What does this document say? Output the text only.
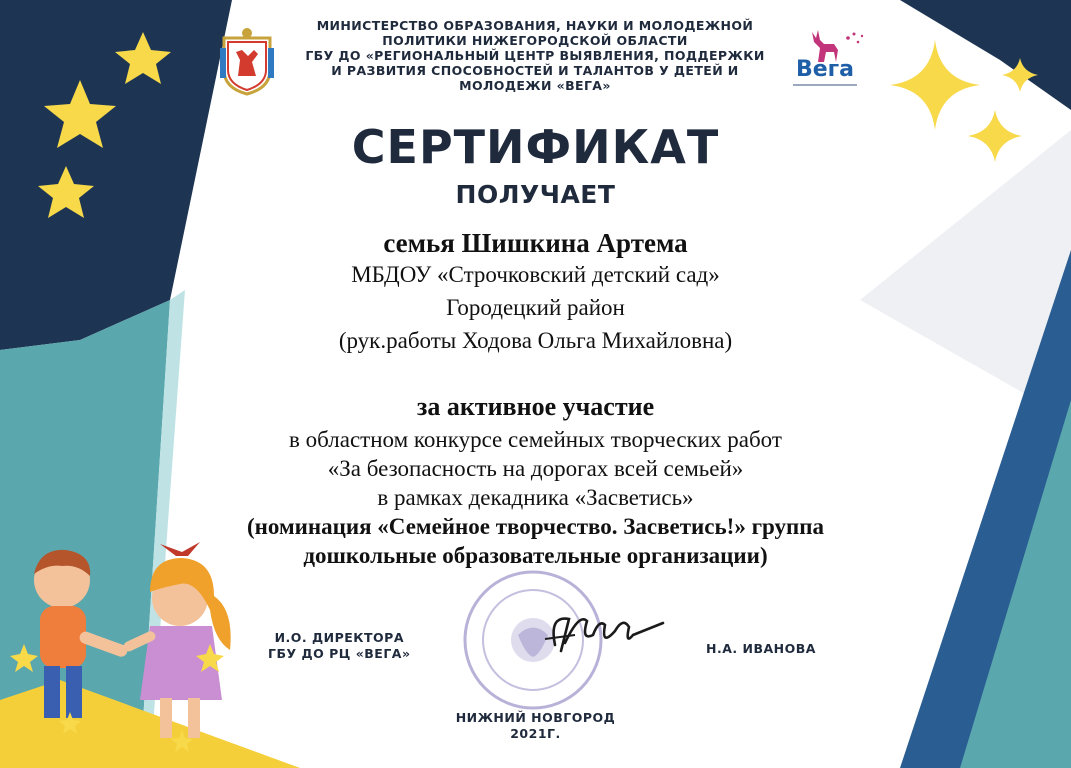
МИНИСТЕРСТВО ОБРАЗОВАНИЯ, НАУКИ И МОЛОДЕЖНОЙ
ПОЛИТИКИ НИЖЕГОРОДСКОЙ ОБЛАСТИ
ГБУ ДО «РЕГИОНАЛЬНЫЙ ЦЕНТР ВЫЯВЛЕНИЯ, ПОДДЕРЖКИ
И РАЗВИТИЯ СПОСОБНОСТЕЙ И ТАЛАНТОВ У ДЕТЕЙ И
МОЛОДЕЖИ «ВЕГА»
Вега
СЕРТИФИКАТ
ПОЛУЧАЕТ
семья Шишкина Артема
МБДОУ «Строчковский детский сад»
Городецкий район
(рук.работы Ходова Ольга Михайловна)
за активное участие
в областном конкурсе семейных творческих работ
«За безопасность на дорогах всей семьей»
в рамках декадника «Засветись»
(номинация «Семейное творчество. Засветись!» группа
дошкольные образовательные организации)
И.О. ДИРЕКТОРА
ГБУ ДО РЦ «ВЕГА»	Н.А. ИВАНОВА
НИЖНИЙ НОВГОРОД
2021Г.
